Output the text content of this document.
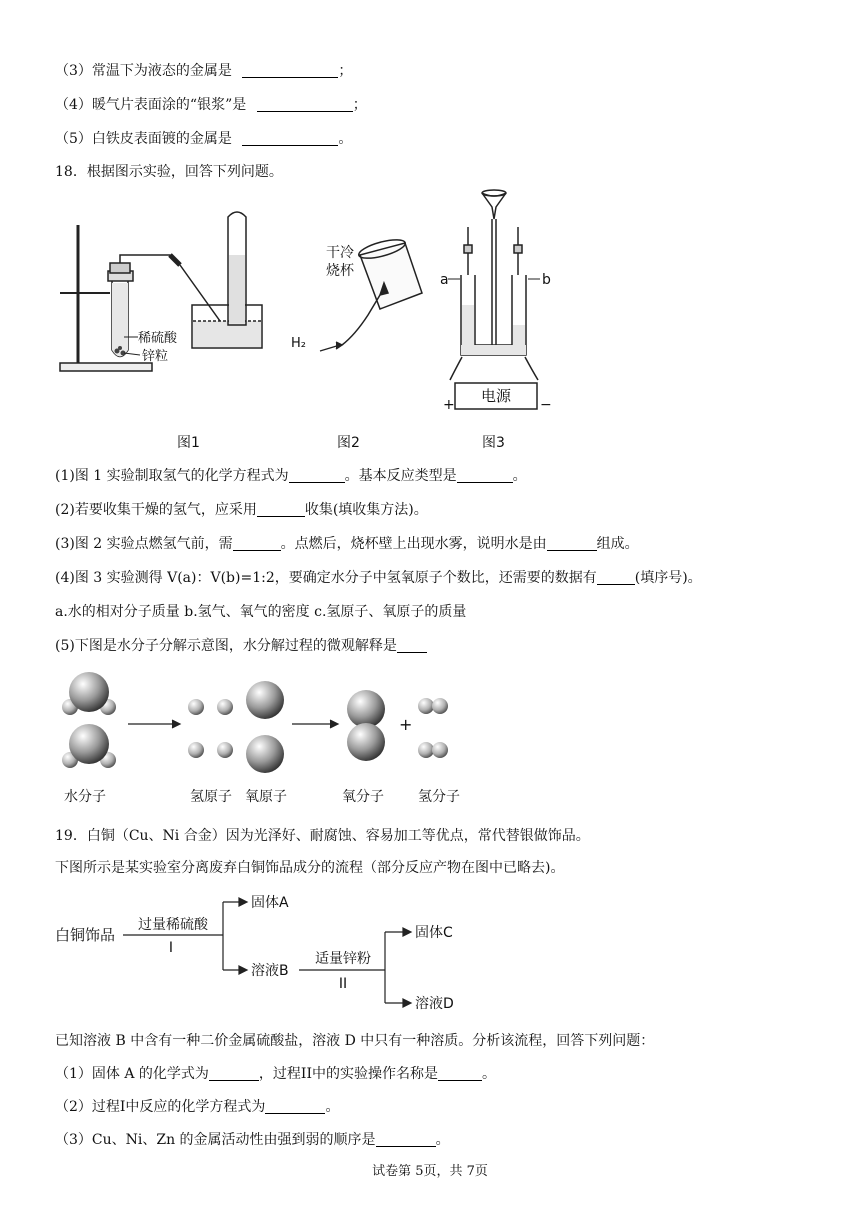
（3）常温下为液态的金属是	；
（4）暖气片表面涂的“银浆”是	；
（5）白铁皮表面镀的金属是	。
18．根据图示实验，回答下列问题。
稀硫酸
锌粒
干冷
烧杯
H₂
a	b
电源
+	−
图1	图2	图3
(1)图 1 实验制取氢气的化学方程式为	。基本反应类型是	。
(2)若要收集干燥的氢气，应采用	收集(填收集方法)。
(3)图 2 实验点燃氢气前，需	。点燃后，烧杯壁上出现水雾，说明水是由	组成。
(4)图 3 实验测得 V(a)：V(b)=1:2，要确定水分子中氢氧原子个数比，还需要的数据有	(填序号)。
a.水的相对分子质量 b.氢气、氧气的密度 c.氢原子、氧原子的质量
(5)下图是水分子分解示意图，水分解过程的微观解释是
+
水分子	氢原子 氧原子	氧分子 氢分子
19．白铜（Cu、Ni 合金）因为光泽好、耐腐蚀、容易加工等优点，常代替银做饰品。
下图所示是某实验室分离废弃白铜饰品成分的流程（部分反应产物在图中已略去)。
白铜饰品
过量稀硫酸
I
固体A
溶液B
适量锌粉
II
固体C
溶液D
已知溶液 B 中含有一种二价金属硫酸盐，溶液 D 中只有一种溶质。分析该流程，回答下列问题：
（1）固体 A 的化学式为	，过程II中的实验操作名称是	。
（2）过程I中反应的化学方程式为	。
（3）Cu、Ni、Zn 的金属活动性由强到弱的顺序是	。
试卷第 5页，共 7页
